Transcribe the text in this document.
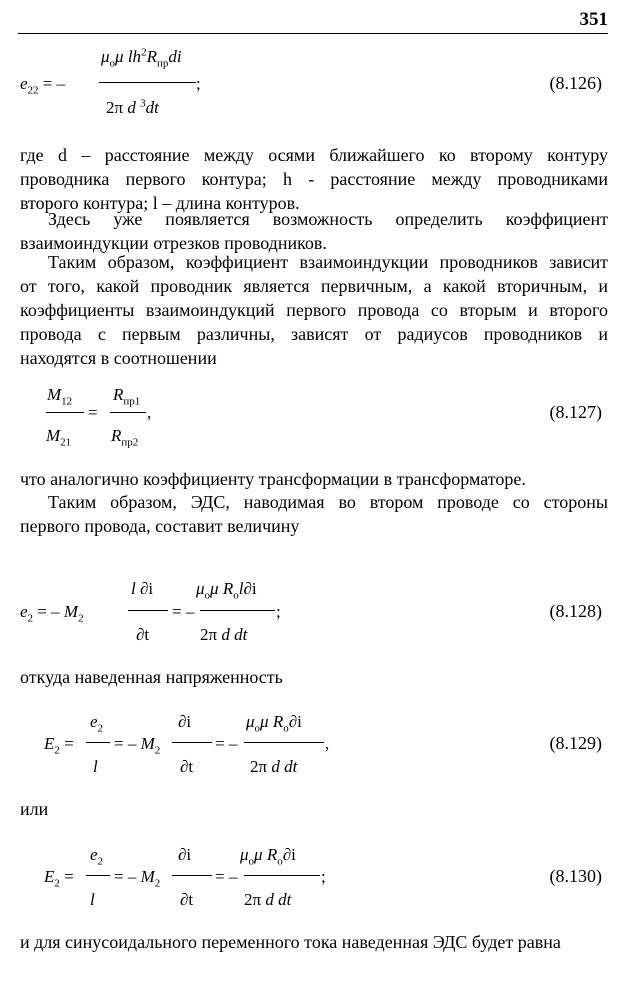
351
$\mu_o\mu$ $lh^2R_{пр}di$
$e_{22}$ = –	;
2π d $^3$dt
(8.126)
где d – расстояние между осями ближайшего ко второму контуру
проводника первого контура; h - расстояние между проводниками
второго контура; l – длина контуров.
Здесь уже появляется возможность определить коэффициент
взаимоиндукции отрезков проводников.
Таким образом, коэффициент взаимоиндукции проводников зависит
от того, какой проводник является первичным, а какой вторичным, и
коэффициенты взаимоиндукций первого провода со вторым и второго
провода с первым различны, зависят от радиусов проводников и
находятся в соотношении
$M_{12}$ $R_{пр1}$
=	,
$M_{21}$ $R_{пр2}$
(8.127)
что аналогично коэффициенту трансформации в трансформаторе.
Таким образом, ЭДС, наводимая во втором проводе со стороны
первого провода, составит величину
l ∂i	$\mu_o\mu$ $R_ol\partial i$
$e_2$ = – $M_2$	= –	;
∂t	2π d dt
(8.128)
откуда наведенная напряженность
$e_2$	∂i	$\mu_o\mu$ $R_o\partial i$
$E_2$ = = – $M_2$	= –	,
l	∂t	2π d dt
(8.129)
или
$e_2$	∂i	$\mu_o\mu$ $R_o\partial i$
$E_2$ = = – $M_2$	= –	;
l	∂t	2π d dt
(8.130)
и для синусоидального переменного тока наведенная ЭДС будет равна
